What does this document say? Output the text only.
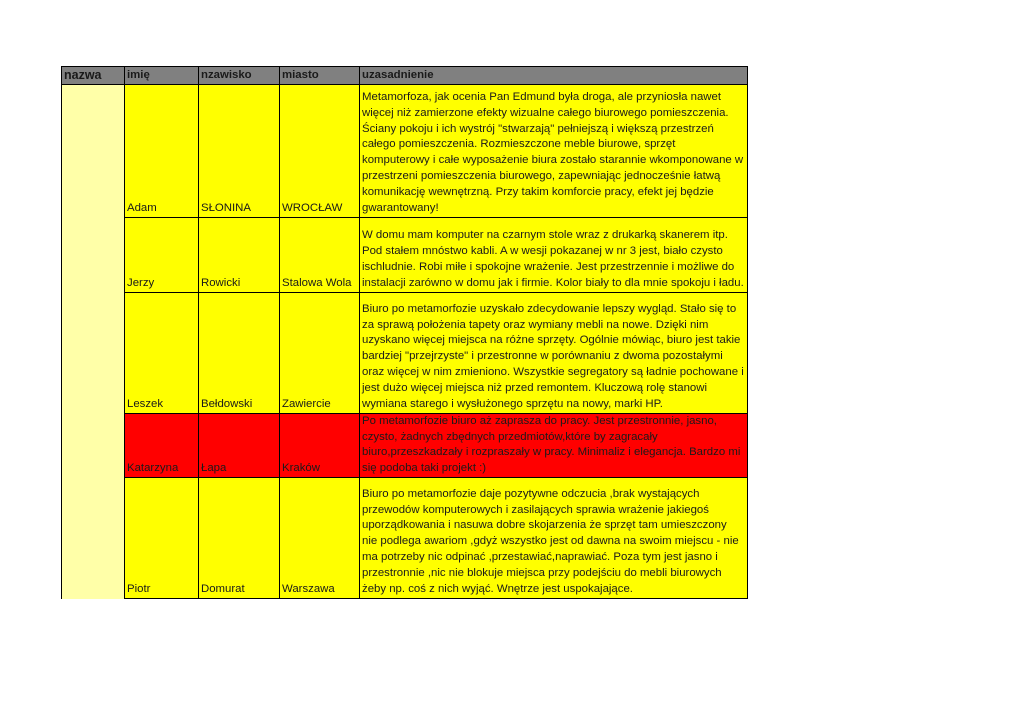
nazwa	imię	nzawisko	miasto	uzasadnienie
	Adam	SŁONINA	WROCŁAW	Metamorfoza, jak ocenia Pan Edmund była droga, ale przyniosła nawet więcej niż zamierzone efekty wizualne całego biurowego pomieszczenia. Ściany pokoju i ich wystrój "stwarzają" pełniejszą i większą przestrzeń całego pomieszczenia. Rozmieszczone meble biurowe, sprzęt komputerowy i całe wyposażenie biura zostało starannie wkomponowane w przestrzeni pomieszczenia biurowego, zapewniając jednocześnie łatwą komunikację wewnętrzną. Przy takim komforcie pracy, efekt jej będzie gwarantowany!
	Jerzy	Rowicki	Stalowa Wola	W domu mam komputer na czarnym stole wraz z drukarką skanerem itp. Pod stałem mnóstwo kabli. A w wesji pokazanej w nr 3 jest, biało czysto ischludnie. Robi miłe i spokojne wrażenie. Jest przestrzennie i możliwe do instalacji zarówno w domu jak i firmie. Kolor biały to dla mnie spokoju i ładu.
	Leszek	Bełdowski	Zawiercie	Biuro po metamorfozie uzyskało zdecydowanie lepszy wygląd. Stało się to za sprawą położenia tapety oraz wymiany mebli na nowe. Dzięki nim uzyskano więcej miejsca na różne sprzęty. Ogólnie mówiąc, biuro jest takie bardziej "przejrzyste" i przestronne w porównaniu z dwoma pozostałymi oraz więcej w nim zmieniono. Wszystkie segregatory są ładnie pochowane i jest dużo więcej miejsca niż przed remontem. Kluczową rolę stanowi wymiana starego i wysłużonego sprzętu na nowy, marki HP.
	Katarzyna	Łapa	Kraków	Po metamorfozie biuro aż zaprasza do pracy. Jest przestronnie, jasno, czysto, żadnych zbędnych przedmiotów,które by zagracały biuro,przeszkadzały i rozpraszały w pracy. Minimaliz i elegancja. Bardzo mi się podoba taki projekt :)
	Piotr	Domurat	Warszawa	Biuro po metamorfozie daje pozytywne odczucia ,brak wystających przewodów komputerowych i zasilających sprawia wrażenie jakiegoś uporządkowania i nasuwa dobre skojarzenia że sprzęt tam umieszczony nie podlega awariom ,gdyż wszystko jest od dawna na swoim miejscu - nie ma potrzeby nic odpinać ,przestawiać,naprawiać. Poza tym jest jasno i przestronnie ,nic nie blokuje miejsca przy podejściu do mebli biurowych żeby np. coś z nich wyjąć. Wnętrze jest uspokajające.
